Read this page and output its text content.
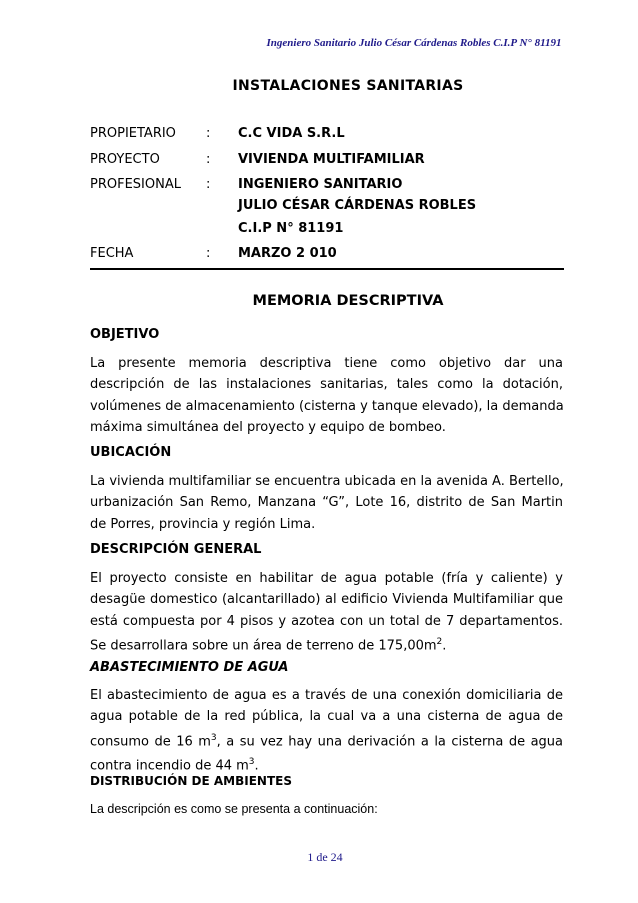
Ingeniero Sanitario Julio César Cárdenas Robles C.I.P N° 81191
INSTALACIONES SANITARIAS
PROPIETARIO : C.C VIDA S.R.L
PROYECTO	: VIVIENDA MULTIFAMILIAR
PROFESIONAL : INGENIERO SANITARIO
JULIO CÉSAR CÁRDENAS ROBLES
C.I.P N° 81191
FECHA	: MARZO 2 010
MEMORIA DESCRIPTIVA
OBJETIVO
La presente memoria descriptiva tiene como objetivo dar una
descripción de las instalaciones sanitarias, tales como la dotación,
volúmenes de almacenamiento (cisterna y tanque elevado), la demanda
máxima simultánea del proyecto y equipo de bombeo.
UBICACIÓN
La vivienda multifamiliar se encuentra ubicada en la avenida A. Bertello,
urbanización San Remo, Manzana “G”, Lote 16, distrito de San Martin
de Porres, provincia y región Lima.
DESCRIPCIÓN GENERAL
El proyecto consiste en habilitar de agua potable (fría y caliente) y
desagüe domestico (alcantarillado) al edificio Vivienda Multifamiliar que
está compuesta por 4 pisos y azotea con un total de 7 departamentos.
Se desarrollara sobre un área de terreno de $175,00m^2$.
ABASTECIMIENTO DE AGUA
El abastecimiento de agua es a través de una conexión domiciliaria de
agua potable de la red pública, la cual va a una cisterna de agua de
consumo de 16 $m^3$, a su vez hay una derivación a la cisterna de agua
contra incendio de 44 $m^3$.
DISTRIBUCIÓN DE AMBIENTES
La descripción es como se presenta a continuación:
1 de 24
